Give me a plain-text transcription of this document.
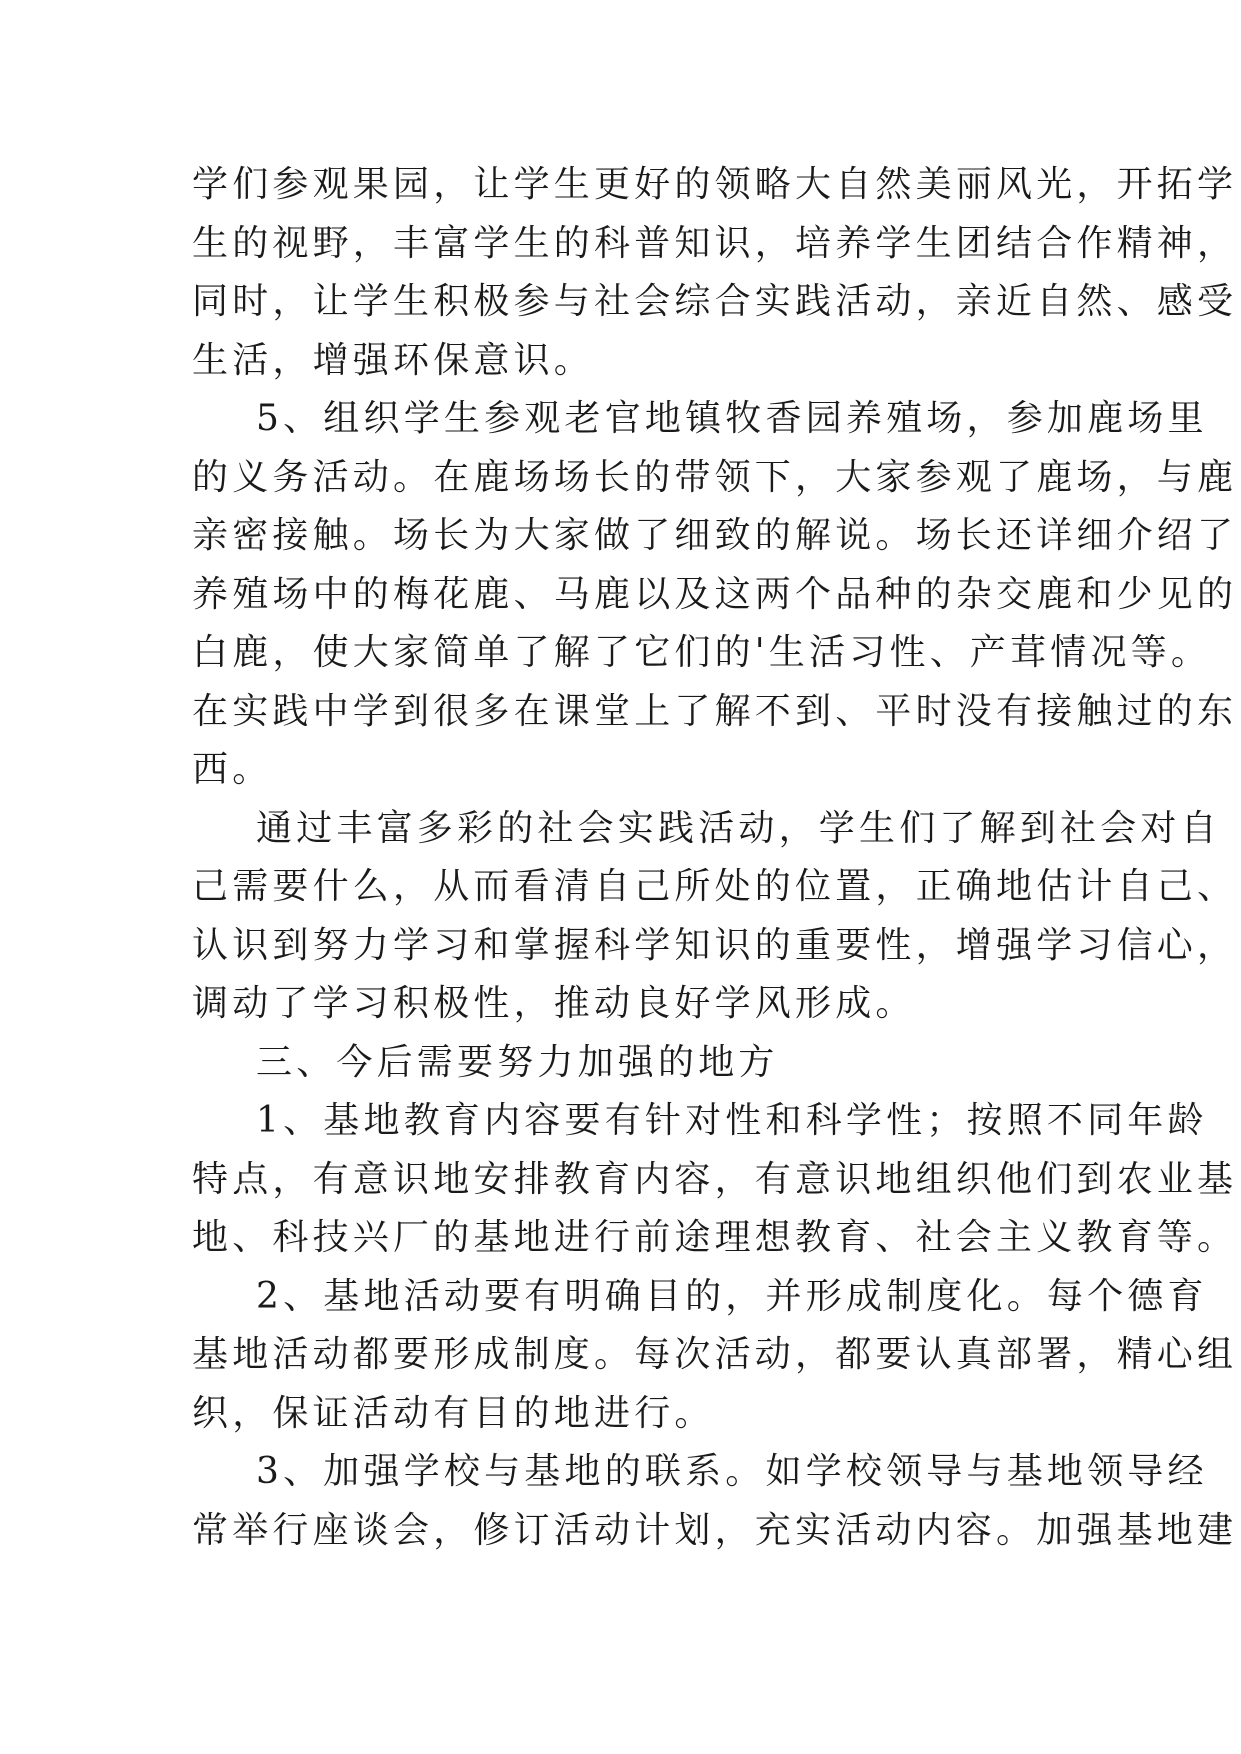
学们参观果园，让学生更好的领略大自然美丽风光，开拓学
生的视野，丰富学生的科普知识，培养学生团结合作精神，
同时，让学生积极参与社会综合实践活动，亲近自然、感受
生活，增强环保意识。
5、组织学生参观老官地镇牧香园养殖场，参加鹿场里
的义务活动。在鹿场场长的带领下，大家参观了鹿场，与鹿
亲密接触。场长为大家做了细致的解说。场长还详细介绍了
养殖场中的梅花鹿、马鹿以及这两个品种的杂交鹿和少见的
白鹿，使大家简单了解了它们的'生活习性、产茸情况等。
在实践中学到很多在课堂上了解不到、平时没有接触过的东
西。
通过丰富多彩的社会实践活动，学生们了解到社会对自
己需要什么，从而看清自己所处的位置，正确地估计自己、
认识到努力学习和掌握科学知识的重要性，增强学习信心，
调动了学习积极性，推动良好学风形成。
三、今后需要努力加强的地方
1、基地教育内容要有针对性和科学性；按照不同年龄
特点，有意识地安排教育内容，有意识地组织他们到农业基
地、科技兴厂的基地进行前途理想教育、社会主义教育等。
2、基地活动要有明确目的，并形成制度化。每个德育
基地活动都要形成制度。每次活动，都要认真部署，精心组
织，保证活动有目的地进行。
3、加强学校与基地的联系。如学校领导与基地领导经
常举行座谈会，修订活动计划，充实活动内容。加强基地建
